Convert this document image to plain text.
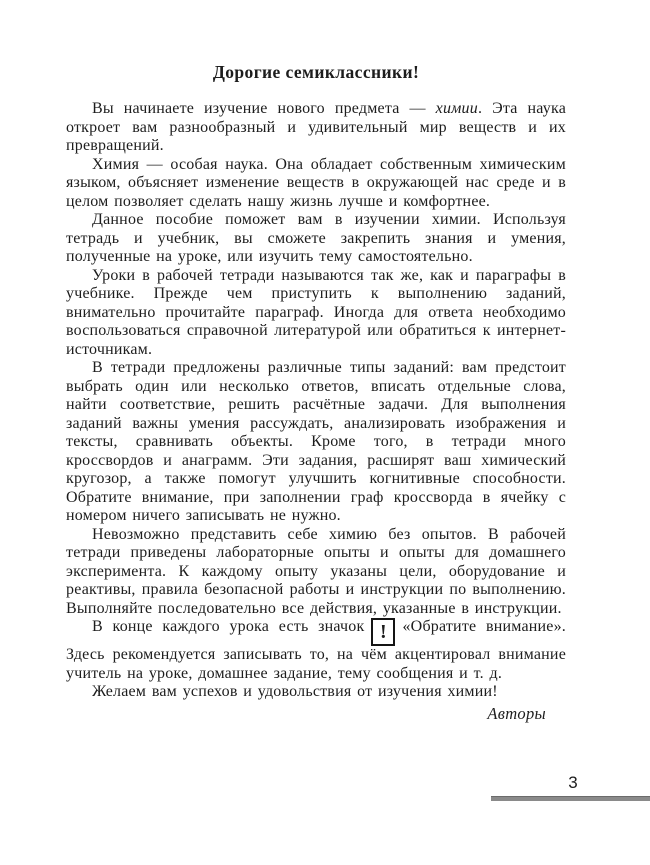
Дорогие семиклассники!

Вы начинаете изучение нового предмета — химии. Эта наука откроет вам разнообразный и удивительный мир веществ и их превращений.

Химия — особая наука. Она обладает собственным химическим языком, объясняет изменение веществ в окружающей нас среде и в целом позволяет сделать нашу жизнь лучше и комфортнее.

Данное пособие поможет вам в изучении химии. Используя тетрадь и учебник, вы сможете закрепить знания и умения, полученные на уроке, или изучить тему самостоятельно.

Уроки в рабочей тетради называются так же, как и параграфы в учебнике. Прежде чем приступить к выполнению заданий, внимательно прочитайте параграф. Иногда для ответа необходимо воспользоваться справочной литературой или обратиться к интернет-источникам.

В тетради предложены различные типы заданий: вам предстоит выбрать один или несколько ответов, вписать отдельные слова, найти соответствие, решить расчётные задачи. Для выполнения заданий важны умения рассуждать, анализировать изображения и тексты, сравнивать объекты. Кроме того, в тетради много кроссвордов и анаграмм. Эти задания, расширят ваш химический кругозор, а также помогут улучшить когнитивные способности. Обратите внимание, при заполнении граф кроссворда в ячейку с номером ничего записывать не нужно.

Невозможно представить себе химию без опытов. В рабочей тетради приведены лабораторные опыты и опыты для домашнего эксперимента. К каждому опыту указаны цели, оборудование и реактивы, правила безопасной работы и инструкции по выполнению. Выполняйте последовательно все действия, указанные в инструкции.

В конце каждого урока есть значок ! «Обратите внимание». Здесь рекомендуется записывать то, на чём акцентировал внимание учитель на уроке, домашнее задание, тему сообщения и т. д.

Желаем вам успехов и удовольствия от изучения химии!

Авторы
3
